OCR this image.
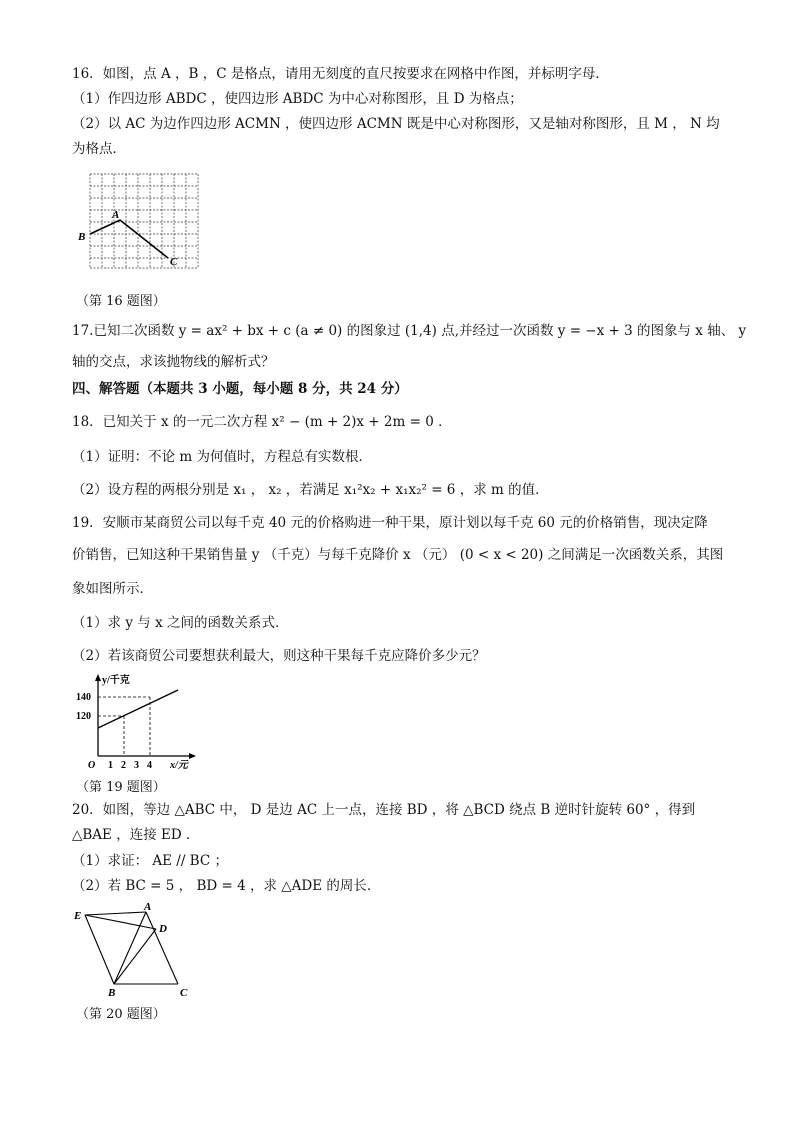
16．如图，点 A ，B ，C 是格点，请用无刻度的直尺按要求在网格中作图，并标明字母．
（1）作四边形 ABDC ，使四边形 ABDC 为中心对称图形，且 D 为格点；
（2）以 AC 为边作四边形 ACMN ，使四边形 ACMN 既是中心对称图形，又是轴对称图形，且 M ， N 均
为格点．
A
B
C
（第 16 题图）
17.已知二次函数 y = ax² + bx + c (a ≠ 0) 的图象过 (1,4) 点,并经过一次函数 y = −x + 3 的图象与 x 轴、 y
轴的交点，求该抛物线的解析式？
四、解答题（本题共 3 小题，每小题 8 分，共 24 分）
18．已知关于 x 的一元二次方程 x² − (m + 2)x + 2m = 0 ．
（1）证明：不论 m 为何值时，方程总有实数根．
（2）设方程的两根分别是 x₁ ， x₂ ，若满足 x₁²x₂ + x₁x₂² = 6 ，求 m 的值．
19．安顺市某商贸公司以每千克 40 元的价格购进一种干果，原计划以每千克 60 元的价格销售，现决定降
价销售，已知这种干果销售量 y （千克）与每千克降价 x （元） (0 < x < 20) 之间满足一次函数关系，其图
象如图所示．
（1）求 y 与 x 之间的函数关系式．
（2）若该商贸公司要想获利最大，则这种干果每千克应降价多少元？
y/千克
x/元
O
140
120
1 2 3 4
（第 19 题图）
20．如图，等边 △ABC 中， D 是边 AC 上一点，连接 BD ，将 △BCD 绕点 B 逆时针旋转 60° ，得到
△BAE ，连接 ED ．
（1）求证： AE // BC ；
（2）若 BC = 5 ， BD = 4 ，求 △ADE 的周长．
E
A
D
B	C
（第 20 题图）
